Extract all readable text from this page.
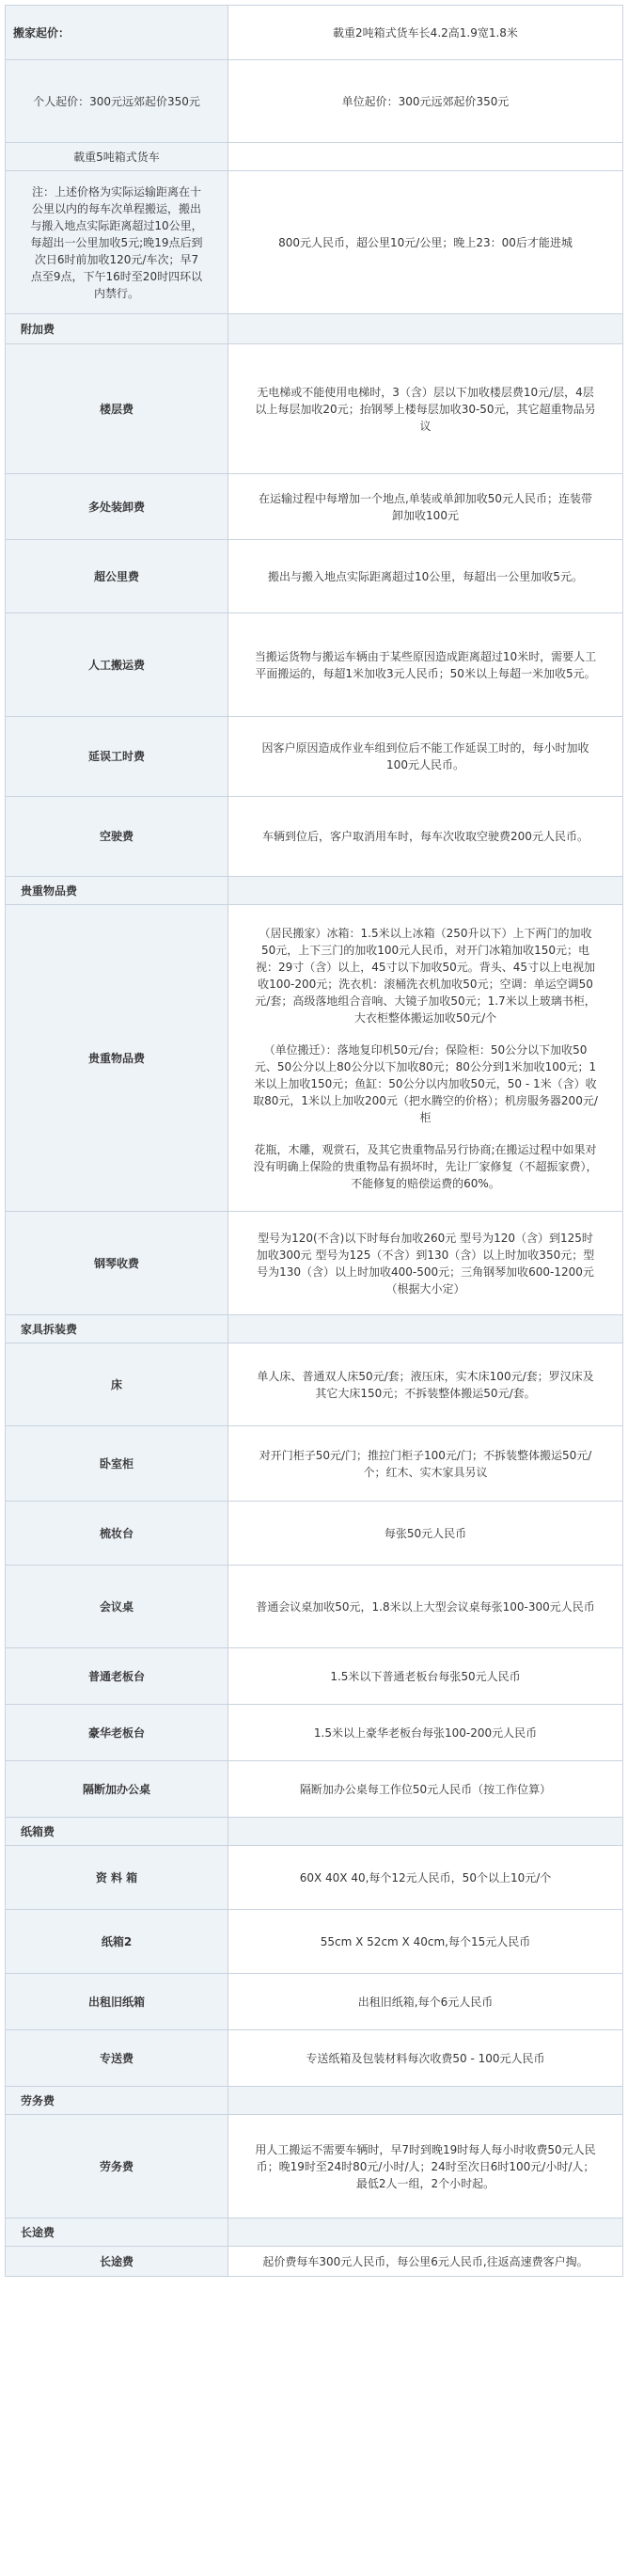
搬家起价：	載重2吨箱式货车长4.2高1.9宽1.8米

个人起价：300元远郊起价350元	单位起价：300元远郊起价350元

載重5吨箱式货车	

注：上述价格为实际运输距离在十公里以内的每车次单程搬运，搬出与搬入地点实际距离超过10公里，每超出一公里加收5元;晚19点后到次日6时前加收120元/车次；早7点至9点，下午16时至20时四环以内禁行。	800元人民币，超公里10元/公里；晚上23：00后才能进城

附加费	

楼层费	无电梯或不能使用电梯时，3（含）层以下加收楼层费10元/层，4层以上每层加收20元；抬钢琴上楼每层加收30-50元，其它超重物品另议

多处装卸费	在运输过程中每增加一个地点,单装或单卸加收50元人民币；连装带卸加收100元

超公里费	搬出与搬入地点实际距离超过10公里，每超出一公里加收5元。

人工搬运费	当搬运货物与搬运车辆由于某些原因造成距离超过10米时，需要人工平面搬运的，每超1米加收3元人民币；50米以上每超一米加收5元。

延误工时费	因客户原因造成作业车组到位后不能工作延误工时的，每小时加收100元人民币。

空驶费	车辆到位后，客户取消用车时，每车次收取空驶费200元人民币。

贵重物品费	

贵重物品费	（居民搬家）冰箱：1.5米以上冰箱（250升以下）上下两门的加收50元，上下三门的加收100元人民币，对开门冰箱加收150元；电视：29寸（含）以上，45寸以下加收50元。背头、45寸以上电视加收100-200元；洗衣机：滚桶洗衣机加收50元；空调：单运空调50元/套；高级落地组合音响、大镜子加收50元；1.7米以上玻璃书柜，大衣柜整体搬运加收50元/个
（单位搬迁）：落地复印机50元/台；保险柜：50公分以下加收50元、50公分以上80公分以下加收80元；80公分到1米加收100元；1米以上加收150元；鱼缸：50公分以内加收50元，50 - 1米（含）收取80元，1米以上加收200元（把水腾空的价格）；机房服务器200元/柜
花瓶，木雕，观赏石，及其它贵重物品另行协商;在搬运过程中如果对没有明确上保险的贵重物品有损坏时，先让厂家修复（不超振家费），不能修复的赔偿运费的60%。

钢琴收费	型号为120(不含)以下时每台加收260元 型号为120（含）到125时加收300元 型号为125（不含）到130（含）以上时加收350元；型号为130（含）以上时加收400-500元；三角钢琴加收600-1200元（根据大小定）

家具拆装费	

床	单人床、普通双人床50元/套；液压床，实木床100元/套；罗汉床及其它大床150元；不拆装整体搬运50元/套。

卧室柜	对开门柜子50元/门；推拉门柜子100元/门；不拆装整体搬运50元/个；红木、实木家具另议

梳妆台	每张50元人民币

会议桌	普通会议桌加收50元，1.8米以上大型会议桌每张100-300元人民币

普通老板台	1.5米以下普通老板台每张50元人民币

豪华老板台	1.5米以上豪华老板台每张100-200元人民币

隔断加办公桌	隔断加办公桌每工作位50元人民币（按工作位算）

纸箱费	

资 料 箱	60X 40X 40,每个12元人民币，50个以上10元/个

纸箱2	55cm X 52cm X 40cm,每个15元人民币

出租旧纸箱	出租旧纸箱,每个6元人民币

专送费	专送纸箱及包装材料每次收费50 - 100元人民币

劳务费	

劳务费	用人工搬运不需要车辆时，早7时到晚19时每人每小时收费50元人民币；晚19时至24时80元/小时/人；24时至次日6时100元/小时/人；最低2人一组，2个小时起。

长途费	

长途费	起价费每车300元人民币，每公里6元人民币,往返高速费客户掏。
